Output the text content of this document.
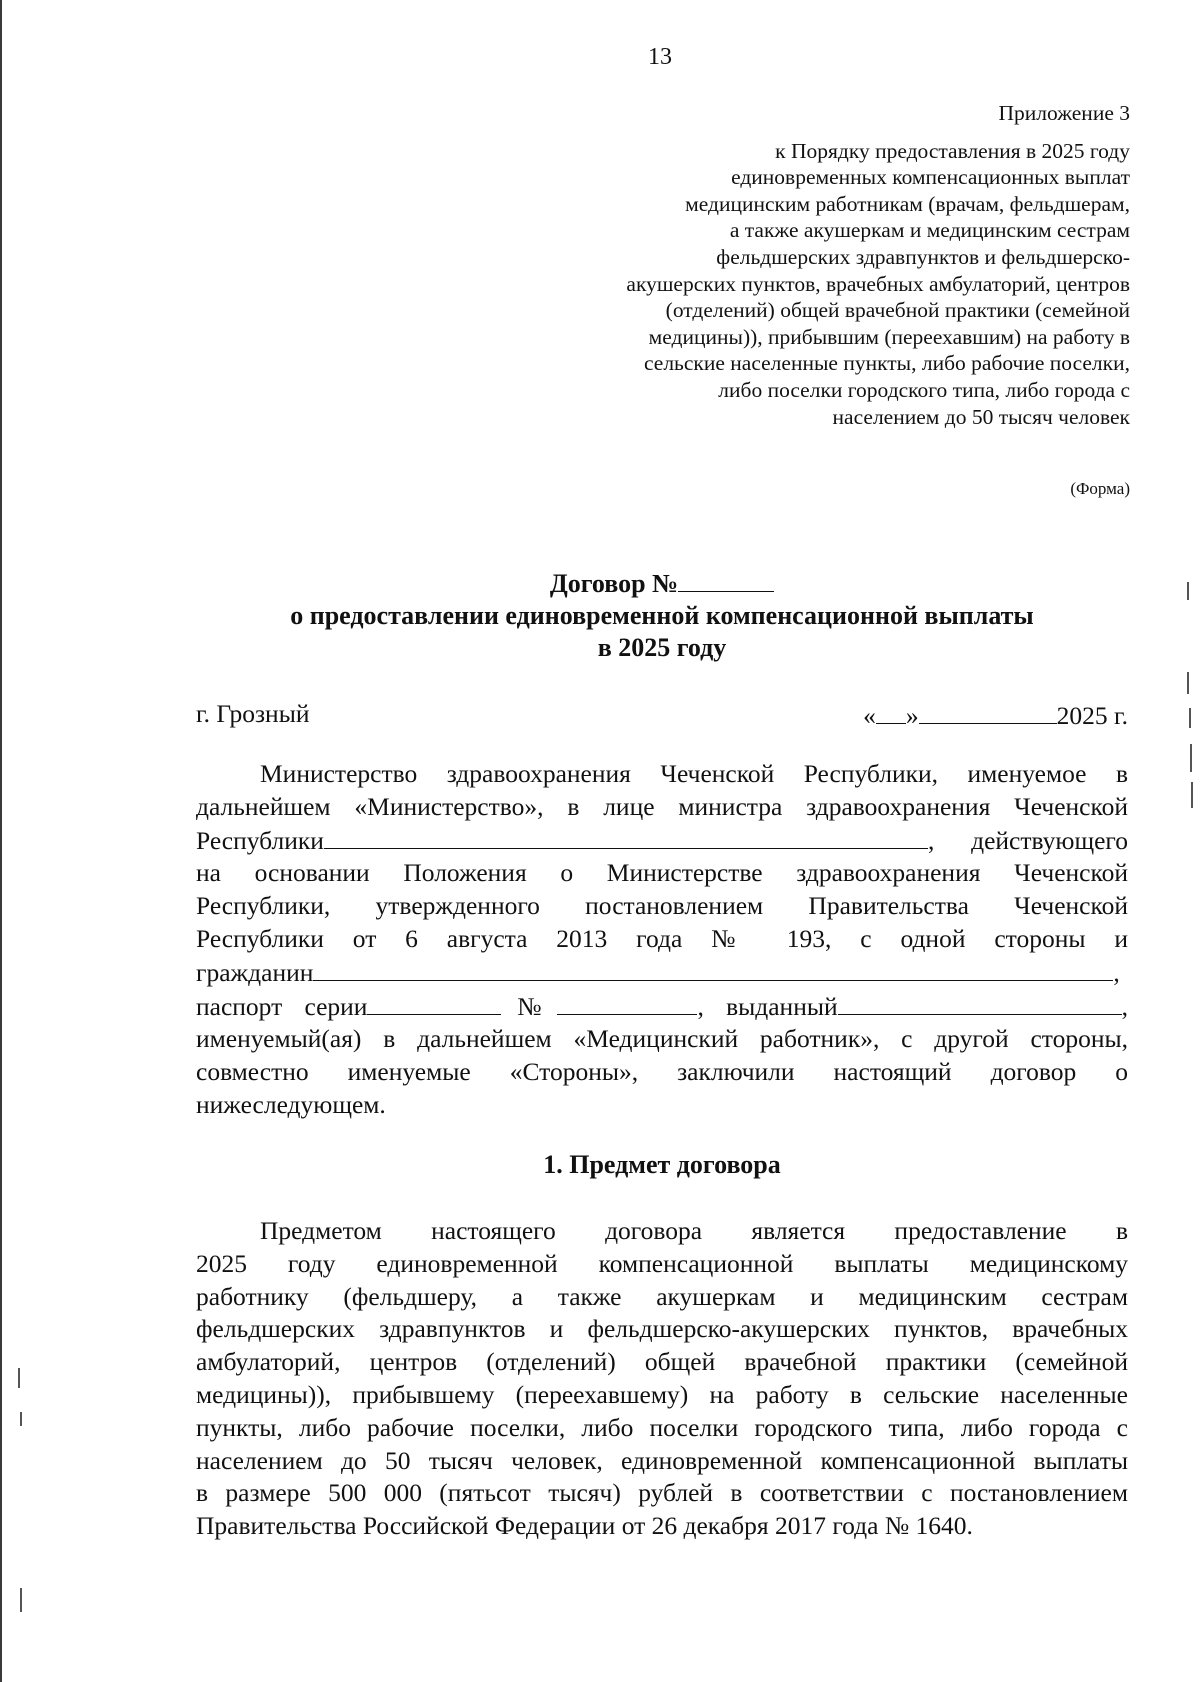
13
Приложение 3
к Порядку предоставления в 2025 году
единовременных компенсационных выплат
медицинским работникам (врачам, фельдшерам,
а также акушеркам и медицинским сестрам
фельдшерских здравпунктов и фельдшерско-
акушерских пунктов, врачебных амбулаторий, центров
(отделений) общей врачебной практики (семейной
медицины)), прибывшим (переехавшим) на работу в
сельские населенные пункты, либо рабочие поселки,
либо поселки городского типа, либо города с
населением до 50 тысяч человек
(Форма)
Договор №
о предоставлении единовременной компенсационной выплаты
в 2025 году
г. Грозный	« »	2025 г.
Министерство здравоохранения Чеченской Республики, именуемое в
дальнейшем «Министерство», в лице министра здравоохранения Чеченской
Республики	, действующего
на основании Положения о Министерстве здравоохранения Чеченской
Республики, утвержденного постановлением Правительства Чеченской
Республики от 6 августа 2013 года № 193, с одной стороны и
гражданин	,
паспорт серии	№	, выданный	,
именуемый(ая) в дальнейшем «Медицинский работник», с другой стороны,
совместно именуемые «Стороны», заключили настоящий договор о
нижеследующем.
1. Предмет договора
Предметом настоящего договора является предоставление в
2025 году единовременной компенсационной выплаты медицинскому
работнику (фельдшеру, а также акушеркам и медицинским сестрам
фельдшерских здравпунктов и фельдшерско-акушерских пунктов, врачебных
амбулаторий, центров (отделений) общей врачебной практики (семейной
медицины)), прибывшему (переехавшему) на работу в сельские населенные
пункты, либо рабочие поселки, либо поселки городского типа, либо города с
населением до 50 тысяч человек, единовременной компенсационной выплаты
в размере 500 000 (пятьсот тысяч) рублей в соответствии с постановлением
Правительства Российской Федерации от 26 декабря 2017 года № 1640.
